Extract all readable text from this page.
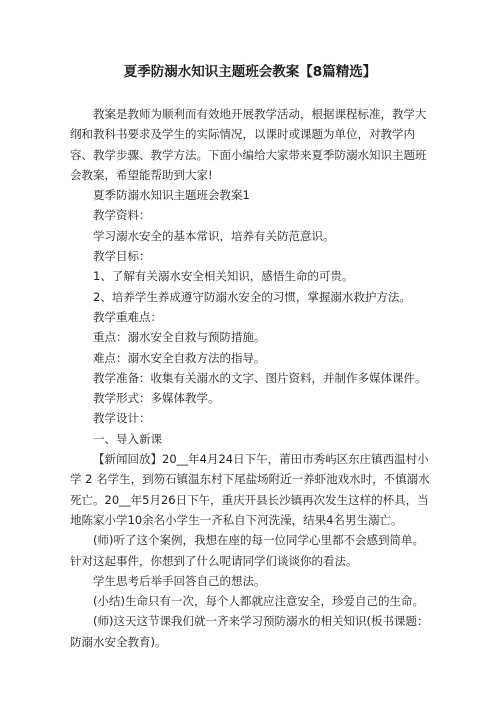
夏季防溺水知识主题班会教案【8篇精选】

教案是教师为顺利而有效地开展教学活动，根据课程标准，教学大纲和教科书要求及学生的实际情况，以课时或课题为单位，对教学内容、教学步骤、教学方法。下面小编给大家带来夏季防溺水知识主题班会教案，希望能帮助到大家!

夏季防溺水知识主题班会教案1

教学资料：

学习溺水安全的基本常识，培养有关防范意识。

教学目标：

1、了解有关溺水安全相关知识，感悟生命的可贵。

2、培养学生养成遵守防溺水安全的习惯，掌握溺水救护方法。

教学重难点：

重点：溺水安全自救与预防措施。

难点：溺水安全自救方法的指导。

教学准备：收集有关溺水的文字、图片资料，并制作多媒体课件。

教学形式：多媒体教学。

教学设计：

一、导入新课

【新闻回放】20__年4月24日下午，莆田市秀屿区东庄镇西温村小学 2 名学生，到笏石镇温东村下尾盐场附近一养虾池戏水时，不慎溺水死亡。20__年5月26日下午，重庆开县长沙镇再次发生这样的杯具，当地陈家小学10余名小学生一齐私自下河洗澡，结果4名男生溺亡。

(师)听了这个案例，我想在座的每一位同学心里都不会感到简单。针对这起事件，你想到了什么呢请同学们谈谈你的看法。

学生思考后举手回答自己的想法。

(小结)生命只有一次，每个人都就应注意安全，珍爱自己的生命。

(师)这天这节课我们就一齐来学习预防溺水的相关知识(板书课题：防溺水安全教育)。
